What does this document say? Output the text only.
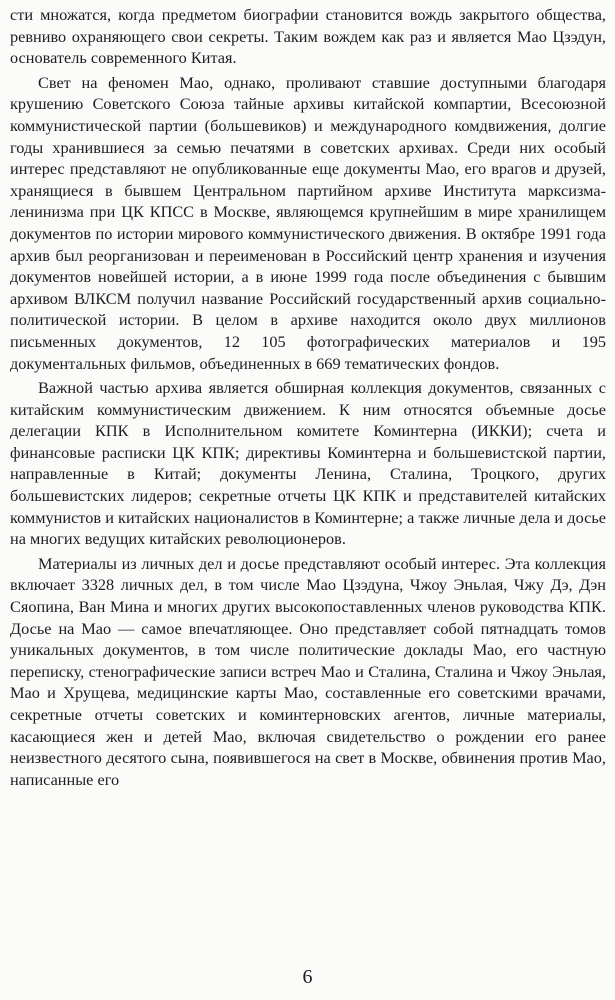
сти множатся, когда предметом биографии становится вождь закрытого общества, ревниво охраняющего свои секреты. Таким вождем как раз и является Мао Цзэдун, основатель современного Китая.

Свет на феномен Мао, однако, проливают ставшие доступными благодаря крушению Советского Союза тайные архивы китайской компартии, Всесоюзной коммунистической партии (большевиков) и международного комдвижения, долгие годы хранившиеся за семью печатями в советских архивах. Среди них особый интерес представляют не опубликованные еще документы Мао, его врагов и друзей, хранящиеся в бывшем Центральном партийном архиве Института марксизма-ленинизма при ЦК КПСС в Москве, являющемся крупнейшим в мире хранилищем документов по истории мирового коммунистического движения. В октябре 1991 года архив был реорганизован и переименован в Российский центр хранения и изучения документов новейшей истории, а в июне 1999 года после объединения с бывшим архивом ВЛКСМ получил название Российский государственный архив социально-политической истории. В целом в архиве находится около двух миллионов письменных документов, 12 105 фотографических материалов и 195 документальных фильмов, объединенных в 669 тематических фондов.

Важной частью архива является обширная коллекция документов, связанных с китайским коммунистическим движением. К ним относятся объемные досье делегации КПК в Исполнительном комитете Коминтерна (ИККИ); счета и финансовые расписки ЦК КПК; директивы Коминтерна и большевистской партии, направленные в Китай; документы Ленина, Сталина, Троцкого, других большевистских лидеров; секретные отчеты ЦК КПК и представителей китайских коммунистов и китайских националистов в Коминтерне; а также личные дела и досье на многих ведущих китайских революционеров.

Материалы из личных дел и досье представляют особый интерес. Эта коллекция включает 3328 личных дел, в том числе Мао Цзэдуна, Чжоу Эньлая, Чжу Дэ, Дэн Сяопина, Ван Мина и многих других высокопоставленных членов руководства КПК. Досье на Мао — самое впечатляющее. Оно представляет собой пятнадцать томов уникальных документов, в том числе политические доклады Мао, его частную переписку, стенографические записи встреч Мао и Сталина, Сталина и Чжоу Эньлая, Мао и Хрущева, медицинские карты Мао, составленные его советскими врачами, секретные отчеты советских и коминтерновских агентов, личные материалы, касающиеся жен и детей Мао, включая свидетельство о рождении его ранее неизвестного десятого сына, появившегося на свет в Москве, обвинения против Мао, написанные его

6
